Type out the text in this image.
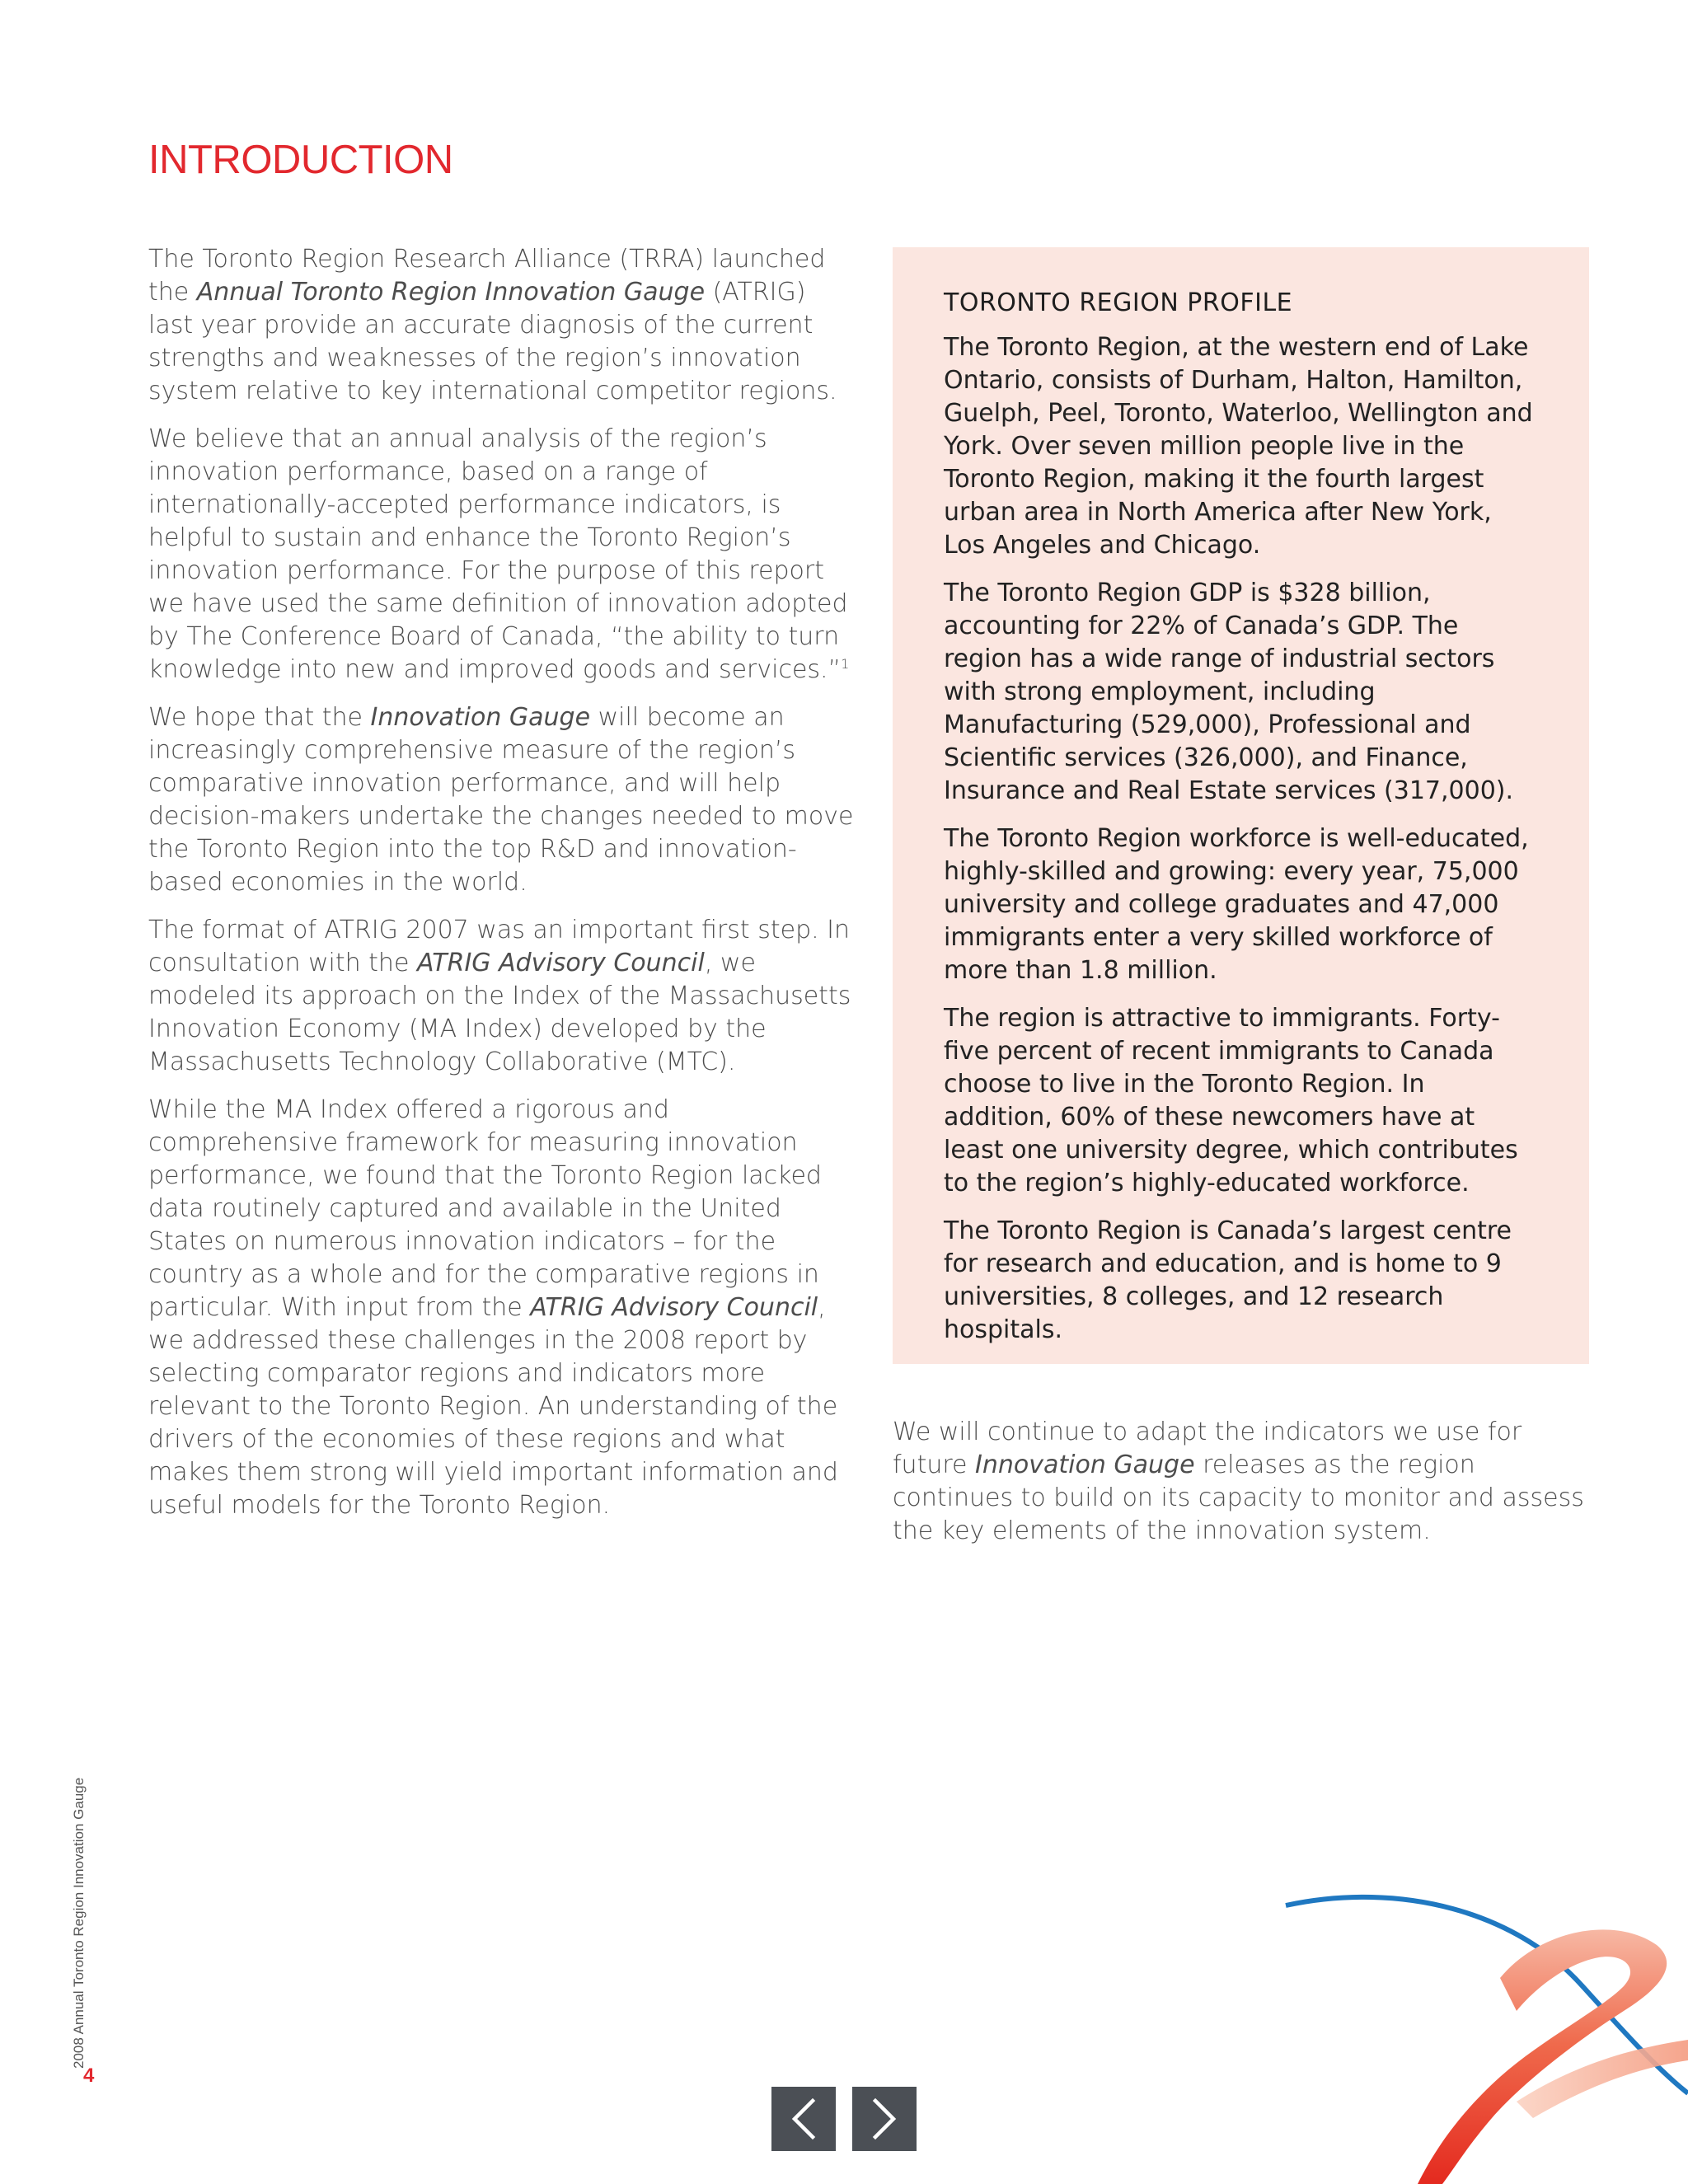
INTRODUCTION

The Toronto Region Research Alliance (TRRA) launched the Annual Toronto Region Innovation Gauge (ATRIG) last year provide an accurate diagnosis of the current strengths and weaknesses of the region’s innovation system relative to key international competitor regions.

We believe that an annual analysis of the region’s innovation performance, based on a range of internationally-accepted performance indicators, is helpful to sustain and enhance the Toronto Region’s innovation performance. For the purpose of this report we have used the same definition of innovation adopted by The Conference Board of Canada, “the ability to turn knowledge into new and improved goods and services.”$^1$

We hope that the Innovation Gauge will become an increasingly comprehensive measure of the region’s comparative innovation performance, and will help decision-makers undertake the changes needed to move the Toronto Region into the top R&D and innovation-based economies in the world.

The format of ATRIG 2007 was an important first step. In consultation with the ATRIG Advisory Council, we modeled its approach on the Index of the Massachusetts Innovation Economy (MA Index) developed by the Massachusetts Technology Collaborative (MTC).

While the MA Index offered a rigorous and comprehensive framework for measuring innovation performance, we found that the Toronto Region lacked data routinely captured and available in the United States on numerous innovation indicators – for the country as a whole and for the comparative regions in particular. With input from the ATRIG Advisory Council, we addressed these challenges in the 2008 report by selecting comparator regions and indicators more relevant to the Toronto Region. An understanding of the drivers of the economies of these regions and what makes them strong will yield important information and useful models for the Toronto Region.

TORONTO REGION PROFILE

The Toronto Region, at the western end of Lake Ontario, consists of Durham, Halton, Hamilton, Guelph, Peel, Toronto, Waterloo, Wellington and York. Over seven million people live in the Toronto Region, making it the fourth largest urban area in North America after New York, Los Angeles and Chicago.

The Toronto Region GDP is $328 billion, accounting for 22% of Canada’s GDP. The region has a wide range of industrial sectors with strong employment, including Manufacturing (529,000), Professional and Scientific services (326,000), and Finance, Insurance and Real Estate services (317,000).

The Toronto Region workforce is well-educated, highly-skilled and growing: every year, 75,000 university and college graduates and 47,000 immigrants enter a very skilled workforce of more than 1.8 million.

The region is attractive to immigrants. Forty-five percent of recent immigrants to Canada choose to live in the Toronto Region. In addition, 60% of these newcomers have at least one university degree, which contributes to the region’s highly-educated workforce.

The Toronto Region is Canada’s largest centre for research and education, and is home to 9 universities, 8 colleges, and 12 research hospitals.

We will continue to adapt the indicators we use for future Innovation Gauge releases as the region continues to build on its capacity to monitor and assess the key elements of the innovation system.

2008 Annual Toronto Region Innovation Gauge
4
